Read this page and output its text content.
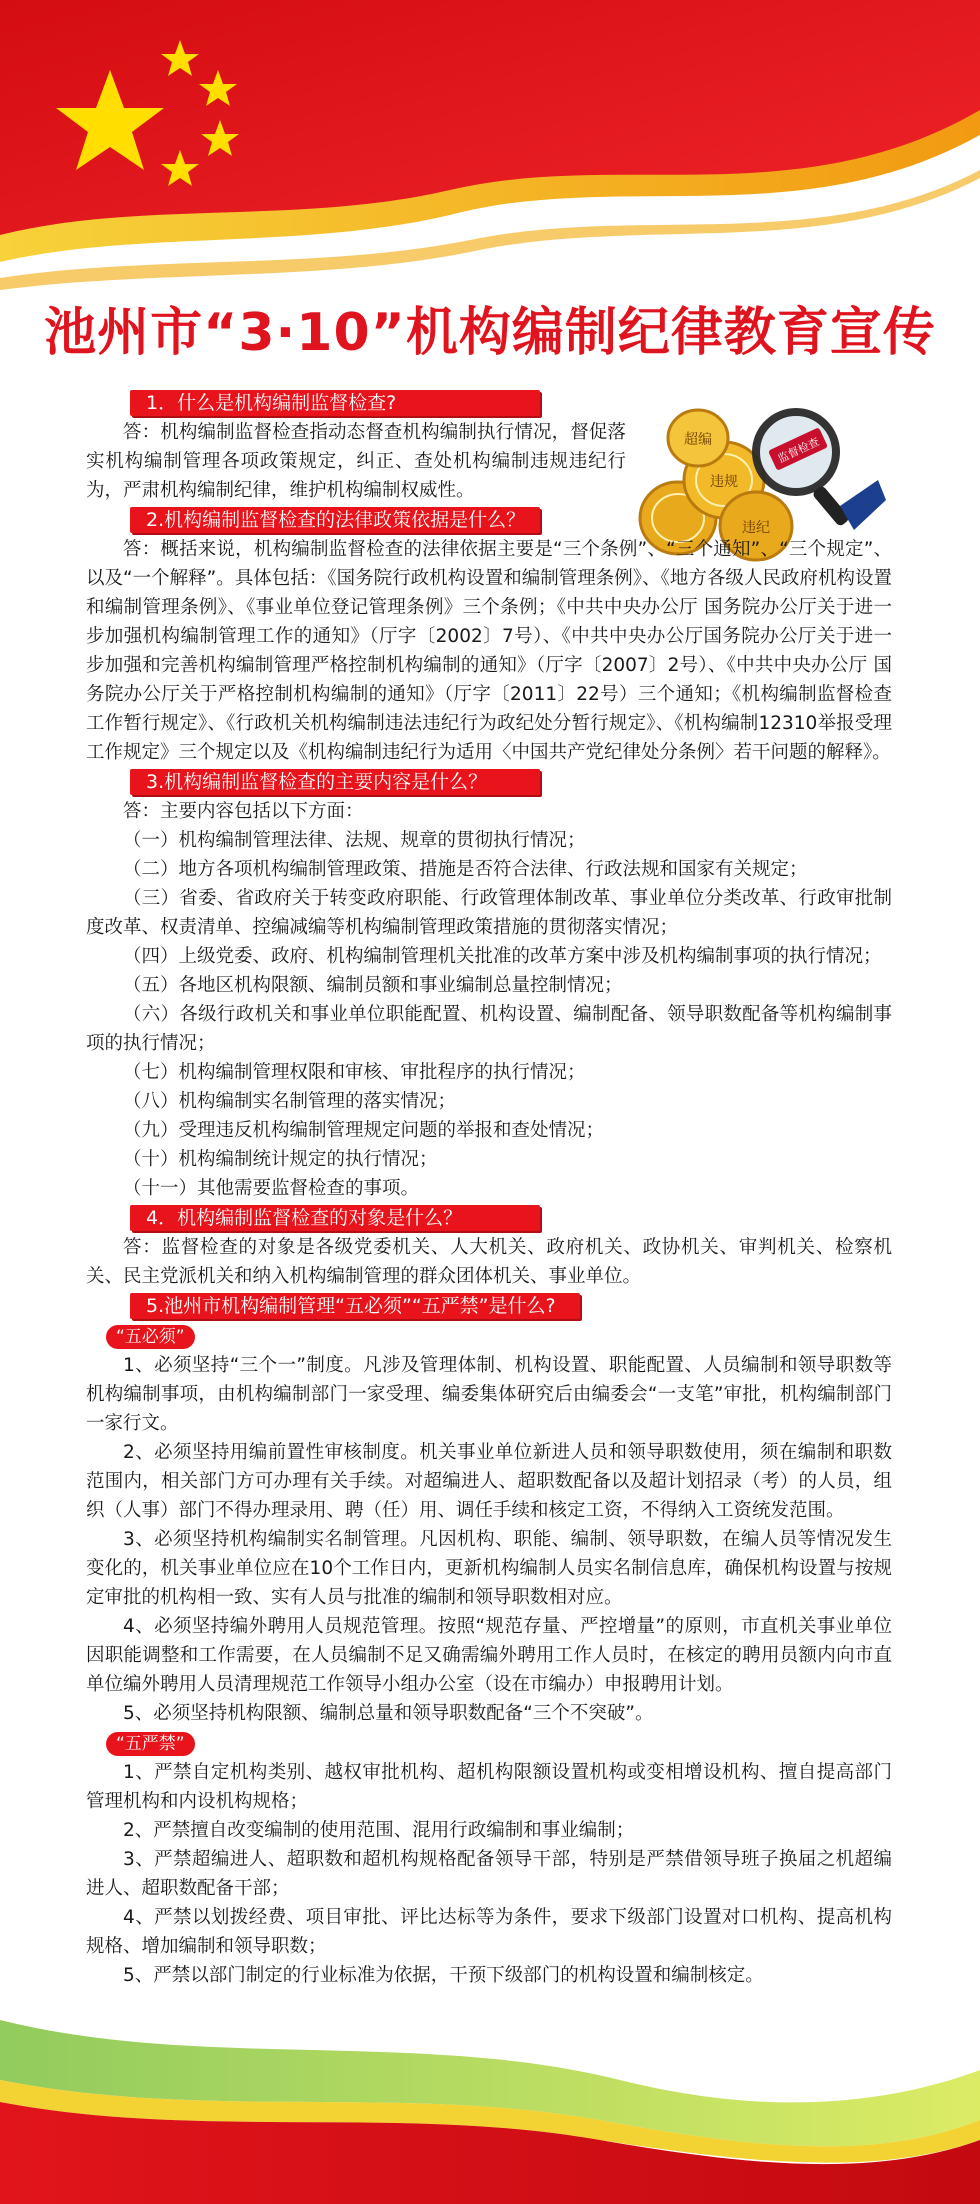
池州市“3·10”机构编制纪律教育宣传
超编
违规
违纪
监督检查
1．什么是机构编制监督检查?

答：机构编制监督检查指动态督查机构编制执行情况，督促落实机构编制管理各项政策规定，纠正、查处机构编制违规违纪行为，严肃机构编制纪律，维护机构编制权威性。

2.机构编制监督检查的法律政策依据是什么？

答：概括来说，机构编制监督检查的法律依据主要是“三个条例”、“三个通知”、“三个规定”、以及“一个解释”。具体包括：《国务院行政机构设置和编制管理条例》、《地方各级人民政府机构设置和编制管理条例》、《事业单位登记管理条例》三个条例；《中共中央办公厅 国务院办公厅关于进一步加强机构编制管理工作的通知》（厅字〔2002〕7号）、《中共中央办公厅国务院办公厅关于进一步加强和完善机构编制管理严格控制机构编制的通知》（厅字〔2007〕2号）、《中共中央办公厅 国务院办公厅关于严格控制机构编制的通知》（厅字〔2011〕22号）三个通知；《机构编制监督检查工作暂行规定》、《行政机关机构编制违法违纪行为政纪处分暂行规定》、《机构编制12310举报受理工作规定》三个规定以及《机构编制违纪行为适用〈中国共产党纪律处分条例〉若干问题的解释》。

3.机构编制监督检查的主要内容是什么？

答：主要内容包括以下方面：

（一）机构编制管理法律、法规、规章的贯彻执行情况；

（二）地方各项机构编制管理政策、措施是否符合法律、行政法规和国家有关规定；

（三）省委、省政府关于转变政府职能、行政管理体制改革、事业单位分类改革、行政审批制度改革、权责清单、控编减编等机构编制管理政策措施的贯彻落实情况；

（四）上级党委、政府、机构编制管理机关批准的改革方案中涉及机构编制事项的执行情况；

（五）各地区机构限额、编制员额和事业编制总量控制情况；

（六）各级行政机关和事业单位职能配置、机构设置、编制配备、领导职数配备等机构编制事项的执行情况；

（七）机构编制管理权限和审核、审批程序的执行情况；

（八）机构编制实名制管理的落实情况；

（九）受理违反机构编制管理规定问题的举报和查处情况；

（十）机构编制统计规定的执行情况；

（十一）其他需要监督检查的事项。

4．机构编制监督检查的对象是什么？

答：监督检查的对象是各级党委机关、人大机关、政府机关、政协机关、审判机关、检察机关、民主党派机关和纳入机构编制管理的群众团体机关、事业单位。

5.池州市机构编制管理“五必须”“五严禁”是什么?
“五必须”

1、必须坚持“三个一”制度。凡涉及管理体制、机构设置、职能配置、人员编制和领导职数等机构编制事项，由机构编制部门一家受理、编委集体研究后由编委会“一支笔”审批，机构编制部门一家行文。

2、必须坚持用编前置性审核制度。机关事业单位新进人员和领导职数使用，须在编制和职数范围内，相关部门方可办理有关手续。对超编进人、超职数配备以及超计划招录（考）的人员，组织（人事）部门不得办理录用、聘（任）用、调任手续和核定工资，不得纳入工资统发范围。

3、必须坚持机构编制实名制管理。凡因机构、职能、编制、领导职数，在编人员等情况发生变化的，机关事业单位应在10个工作日内，更新机构编制人员实名制信息库，确保机构设置与按规定审批的机构相一致、实有人员与批准的编制和领导职数相对应。

4、必须坚持编外聘用人员规范管理。按照“规范存量、严控增量”的原则，市直机关事业单位因职能调整和工作需要，在人员编制不足又确需编外聘用工作人员时，在核定的聘用员额内向市直单位编外聘用人员清理规范工作领导小组办公室（设在市编办）申报聘用计划。

5、必须坚持机构限额、编制总量和领导职数配备“三个不突破”。

“五严禁”

1、严禁自定机构类别、越权审批机构、超机构限额设置机构或变相增设机构、擅自提高部门管理机构和内设机构规格；

2、严禁擅自改变编制的使用范围、混用行政编制和事业编制；

3、严禁超编进人、超职数和超机构规格配备领导干部，特别是严禁借领导班子换届之机超编进人、超职数配备干部；

4、严禁以划拨经费、项目审批、评比达标等为条件，要求下级部门设置对口机构、提高机构规格、增加编制和领导职数；

5、严禁以部门制定的行业标准为依据，干预下级部门的机构设置和编制核定。
